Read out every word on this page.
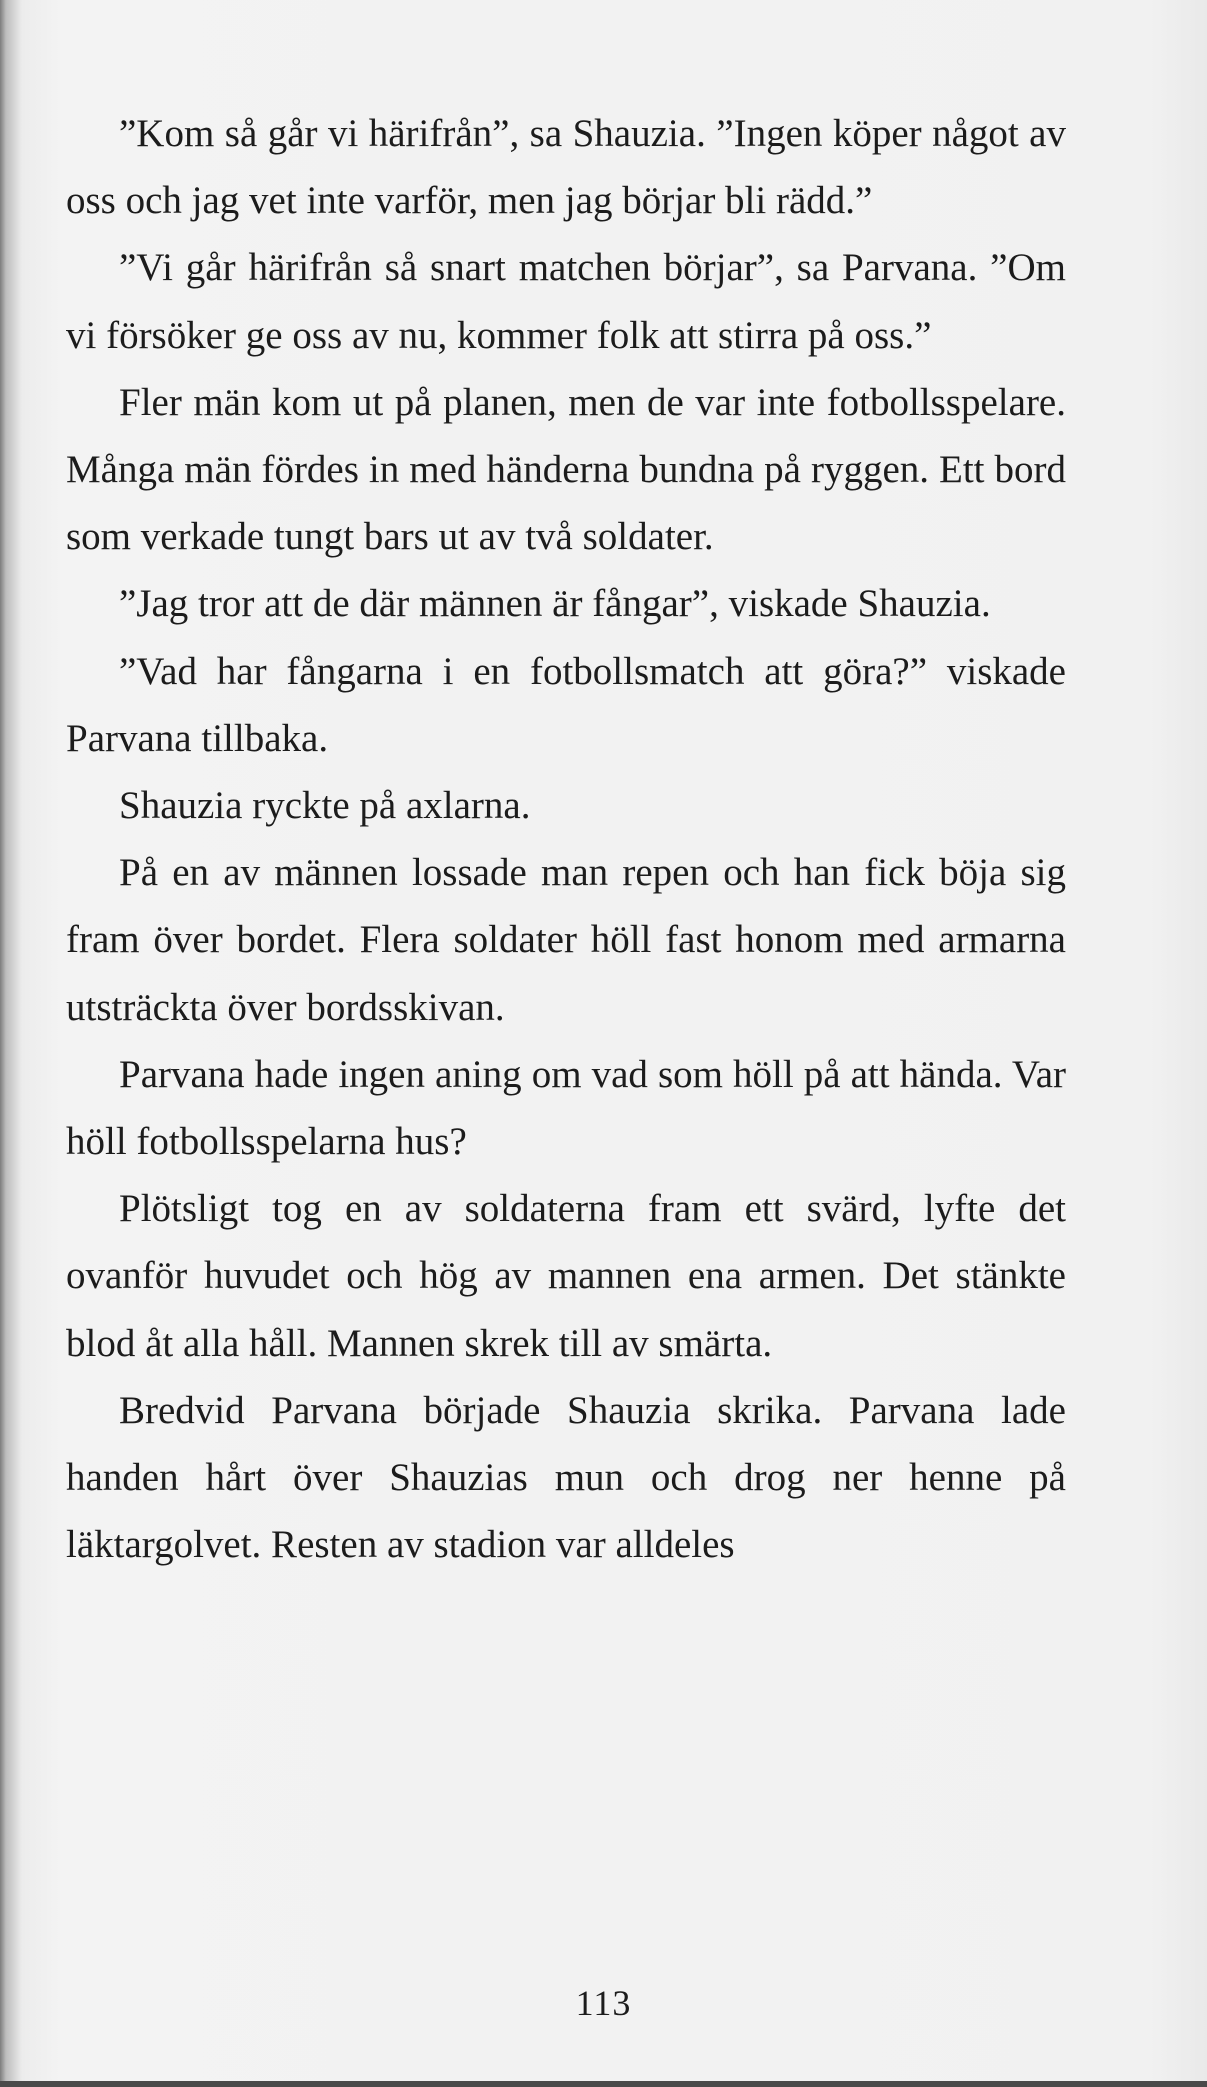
”Kom så går vi härifrån”, sa Shauzia. ”Ingen köper något av oss och jag vet inte varför, men jag börjar bli rädd.”

”Vi går härifrån så snart matchen börjar”, sa Parvana. ”Om vi försöker ge oss av nu, kommer folk att stirra på oss.”

Fler män kom ut på planen, men de var inte fotbollsspelare. Många män fördes in med händerna bundna på ryggen. Ett bord som verkade tungt bars ut av två soldater.

”Jag tror att de där männen är fångar”, viskade Shauzia.

”Vad har fångarna i en fotbollsmatch att göra?” viskade Parvana tillbaka.

Shauzia ryckte på axlarna.

På en av männen lossade man repen och han fick böja sig fram över bordet. Flera soldater höll fast honom med armarna utsträckta över bordsskivan.

Parvana hade ingen aning om vad som höll på att hända. Var höll fotbollsspelarna hus?

Plötsligt tog en av soldaterna fram ett svärd, lyfte det ovanför huvudet och hög av mannen ena armen. Det stänkte blod åt alla håll. Mannen skrek till av smärta.

Bredvid Parvana började Shauzia skrika. Parvana lade handen hårt över Shauzias mun och drog ner henne på läktargolvet. Resten av stadion var alldeles

113
